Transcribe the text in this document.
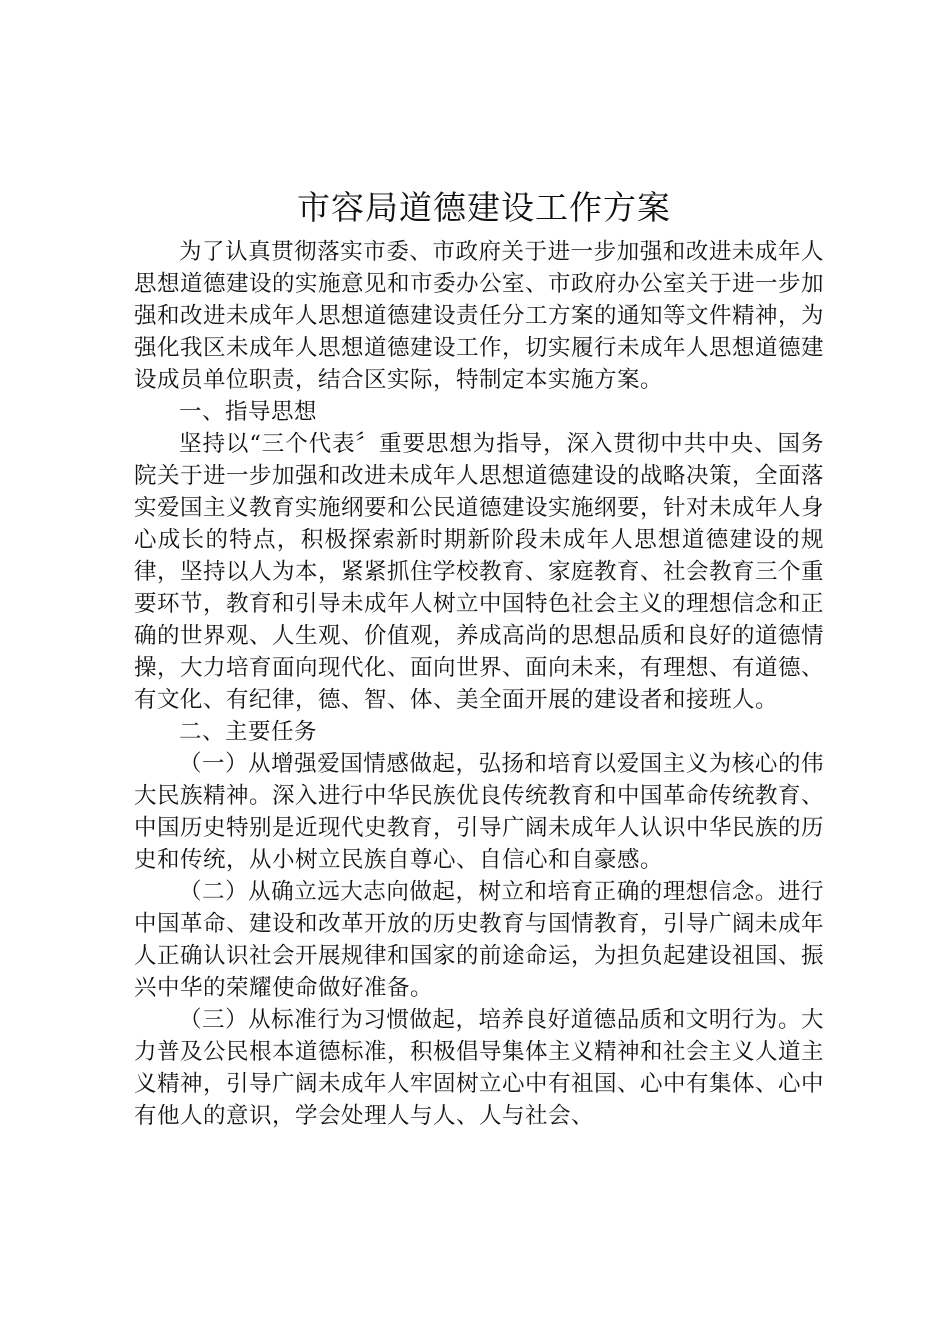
市容局道德建设工作方案

为了认真贯彻落实市委、市政府关于进一步加强和改进未成年人思想道德建设的实施意见和市委办公室、市政府办公室关于进一步加强和改进未成年人思想道德建设责任分工方案的通知等文件精神，为强化我区未成年人思想道德建设工作，切实履行未成年人思想道德建设成员单位职责，结合区实际，特制定本实施方案。

一、指导思想

坚持以“三个代表〞重要思想为指导，深入贯彻中共中央、国务院关于进一步加强和改进未成年人思想道德建设的战略决策，全面落实爱国主义教育实施纲要和公民道德建设实施纲要，针对未成年人身心成长的特点，积极探索新时期新阶段未成年人思想道德建设的规律，坚持以人为本，紧紧抓住学校教育、家庭教育、社会教育三个重要环节，教育和引导未成年人树立中国特色社会主义的理想信念和正确的世界观、人生观、价值观，养成高尚的思想品质和良好的道德情操，大力培育面向现代化、面向世界、面向未来，有理想、有道德、有文化、有纪律，德、智、体、美全面开展的建设者和接班人。

二、主要任务

（一）从增强爱国情感做起，弘扬和培育以爱国主义为核心的伟大民族精神。深入进行中华民族优良传统教育和中国革命传统教育、中国历史特别是近现代史教育，引导广阔未成年人认识中华民族的历史和传统，从小树立民族自尊心、自信心和自豪感。

（二）从确立远大志向做起，树立和培育正确的理想信念。进行中国革命、建设和改革开放的历史教育与国情教育，引导广阔未成年人正确认识社会开展规律和国家的前途命运，为担负起建设祖国、振兴中华的荣耀使命做好准备。

（三）从标准行为习惯做起，培养良好道德品质和文明行为。大力普及公民根本道德标准，积极倡导集体主义精神和社会主义人道主义精神，引导广阔未成年人牢固树立心中有祖国、心中有集体、心中有他人的意识，学会处理人与人、人与社会、
